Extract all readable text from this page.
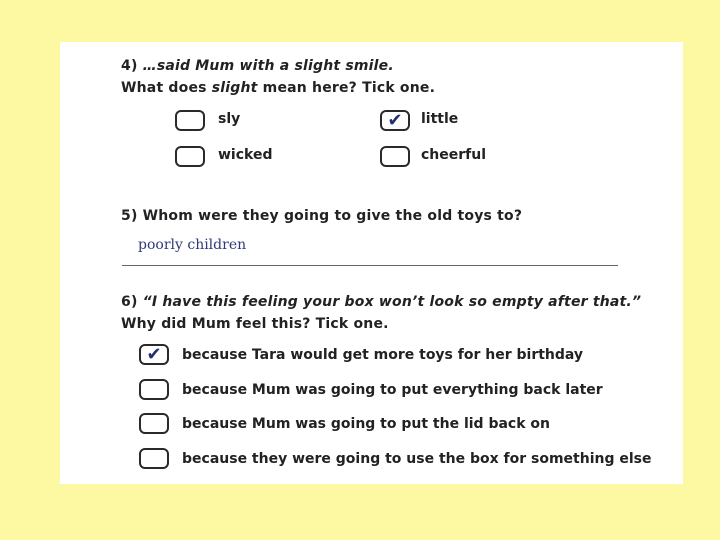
4) …said Mum with a slight smile.
What does slight mean here? Tick one.
sly	✔	little
wicked	cheerful
5) Whom were they going to give the old toys to?
poorly children
6) “I have this feeling your box won’t look so empty after that.”
Why did Mum feel this? Tick one.
✔	because Tara would get more toys for her birthday
because Mum was going to put everything back later
because Mum was going to put the lid back on
because they were going to use the box for something else
